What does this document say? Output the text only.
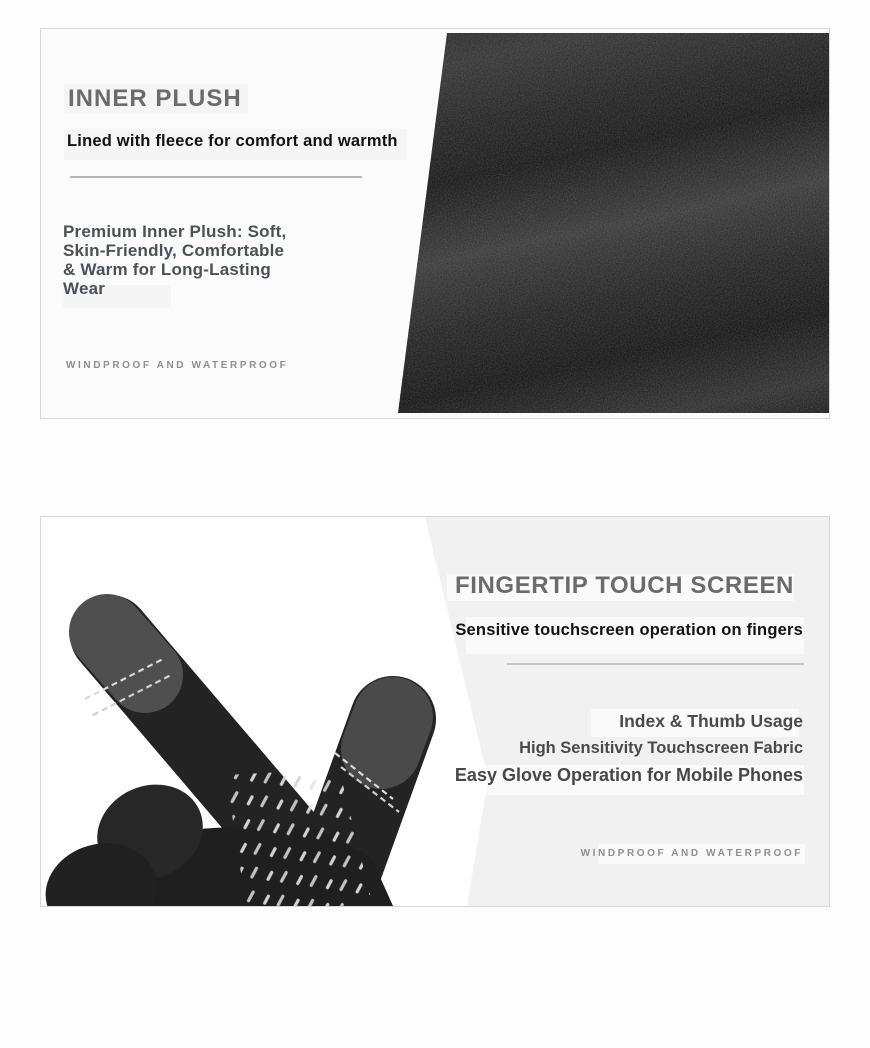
INNER PLUSH
Lined with fleece for comfort and warmth
Premium Inner Plush: Soft,
Skin-Friendly, Comfortable
& Warm for Long-Lasting
Wear
WINDPROOF AND WATERPROOF
FINGERTIP TOUCH SCREEN
Sensitive touchscreen operation on fingers
Index & Thumb Usage
High Sensitivity Touchscreen Fabric
Easy Glove Operation for Mobile Phones
WINDPROOF AND WATERPROOF
